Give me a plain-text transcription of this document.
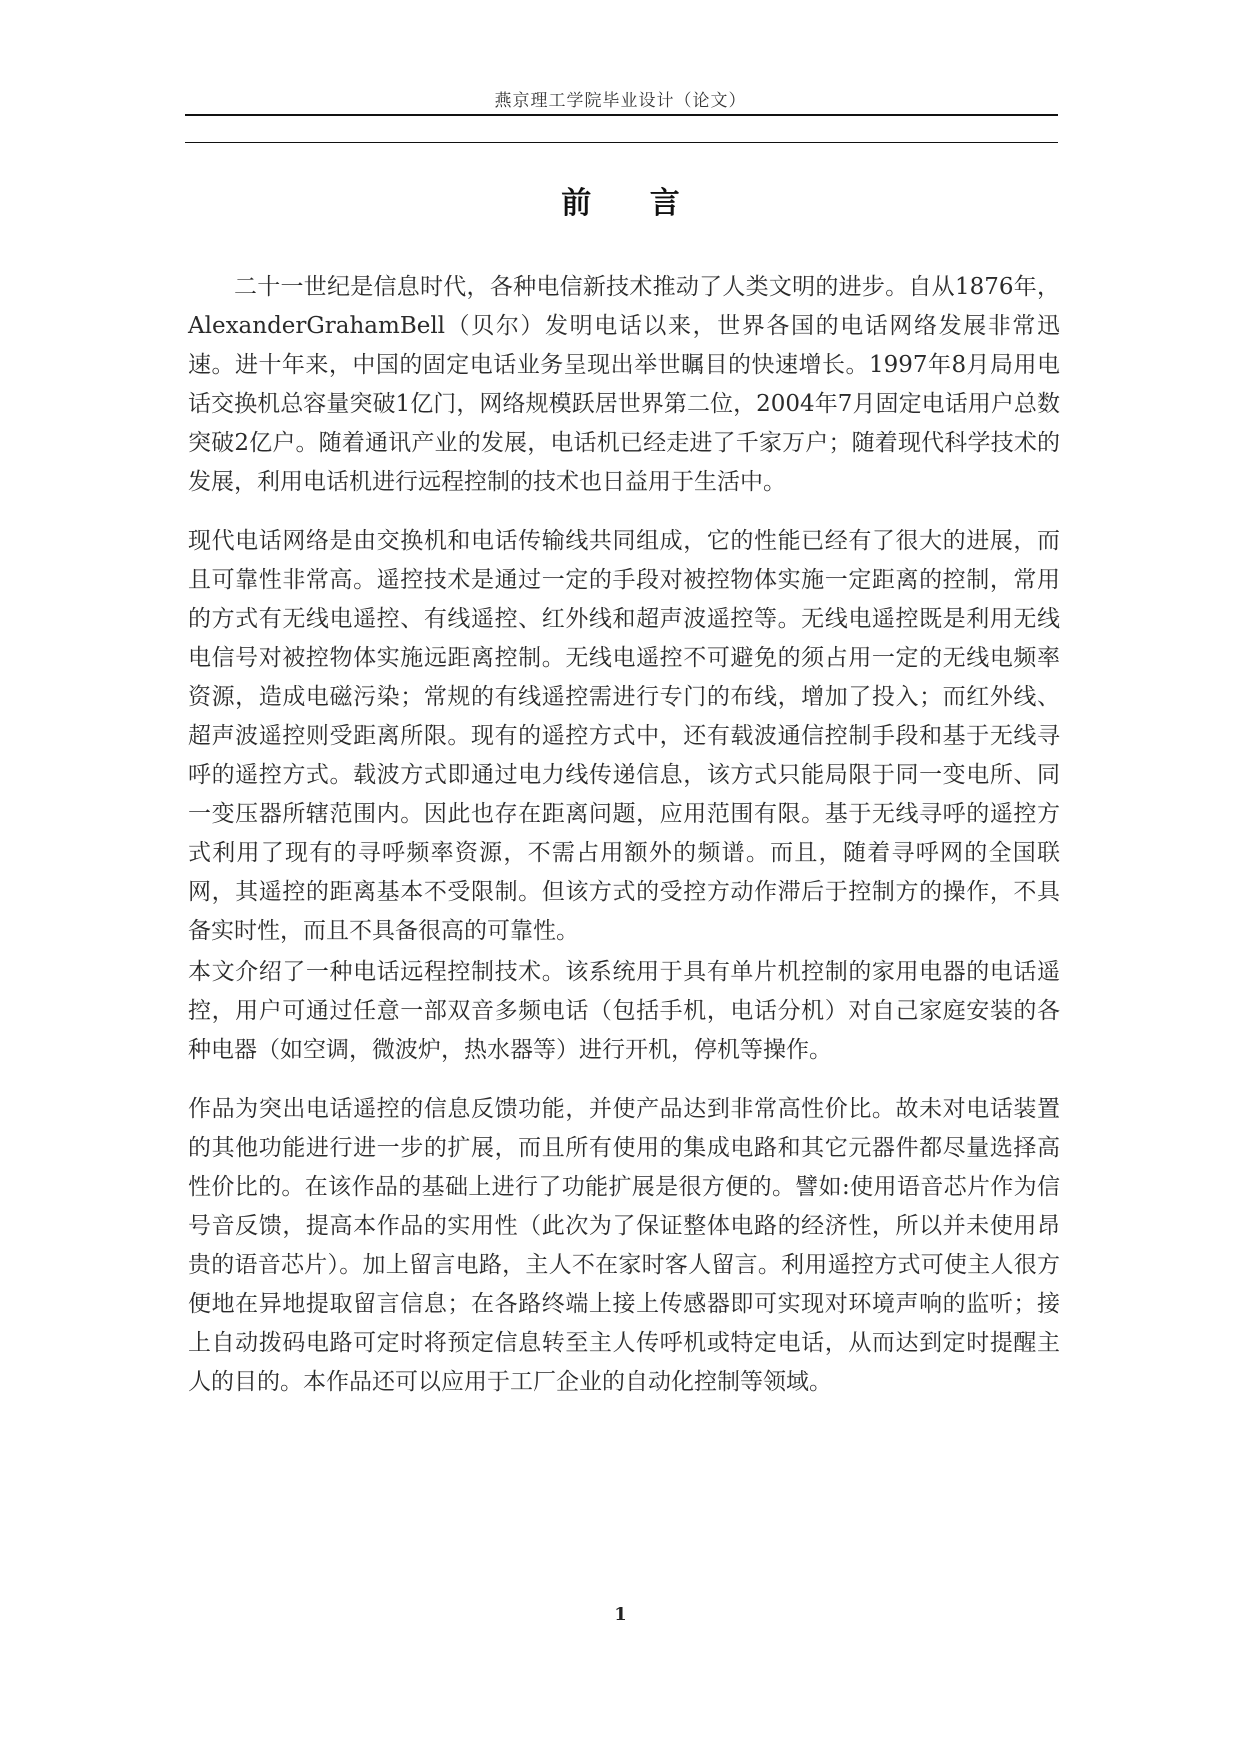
燕京理工学院毕业设计（论文）
前 言

二十一世纪是信息时代，各种电信新技术推动了人类文明的进步。自从1876年，AlexanderGrahamBell（贝尔）发明电话以来，世界各国的电话网络发展非常迅速。进十年来，中国的固定电话业务呈现出举世瞩目的快速增长。1997年8月局用电话交换机总容量突破1亿门，网络规模跃居世界第二位，2004年7月固定电话用户总数突破2亿户。随着通讯产业的发展，电话机已经走进了千家万户；随着现代科学技术的发展，利用电话机进行远程控制的技术也日益用于生活中。

现代电话网络是由交换机和电话传输线共同组成，它的性能已经有了很大的进展，而且可靠性非常高。遥控技术是通过一定的手段对被控物体实施一定距离的控制，常用的方式有无线电遥控、有线遥控、红外线和超声波遥控等。无线电遥控既是利用无线电信号对被控物体实施远距离控制。无线电遥控不可避免的须占用一定的无线电频率资源，造成电磁污染；常规的有线遥控需进行专门的布线，增加了投入；而红外线、超声波遥控则受距离所限。现有的遥控方式中，还有载波通信控制手段和基于无线寻呼的遥控方式。载波方式即通过电力线传递信息，该方式只能局限于同一变电所、同一变压器所辖范围内。因此也存在距离问题，应用范围有限。基于无线寻呼的遥控方式利用了现有的寻呼频率资源，不需占用额外的频谱。而且，随着寻呼网的全国联网，其遥控的距离基本不受限制。但该方式的受控方动作滞后于控制方的操作，不具备实时性，而且不具备很高的可靠性。

本文介绍了一种电话远程控制技术。该系统用于具有单片机控制的家用电器的电话遥控，用户可通过任意一部双音多频电话（包括手机，电话分机）对自己家庭安装的各种电器（如空调，微波炉，热水器等）进行开机，停机等操作。

作品为突出电话遥控的信息反馈功能，并使产品达到非常高性价比。故未对电话装置的其他功能进行进一步的扩展，而且所有使用的集成电路和其它元器件都尽量选择高性价比的。在该作品的基础上进行了功能扩展是很方便的。譬如:使用语音芯片作为信号音反馈，提高本作品的实用性（此次为了保证整体电路的经济性，所以并未使用昂贵的语音芯片）。加上留言电路，主人不在家时客人留言。利用遥控方式可使主人很方便地在异地提取留言信息；在各路终端上接上传感器即可实现对环境声响的监听；接上自动拨码电路可定时将预定信息转至主人传呼机或特定电话，从而达到定时提醒主人的目的。本作品还可以应用于工厂企业的自动化控制等领域。

1
